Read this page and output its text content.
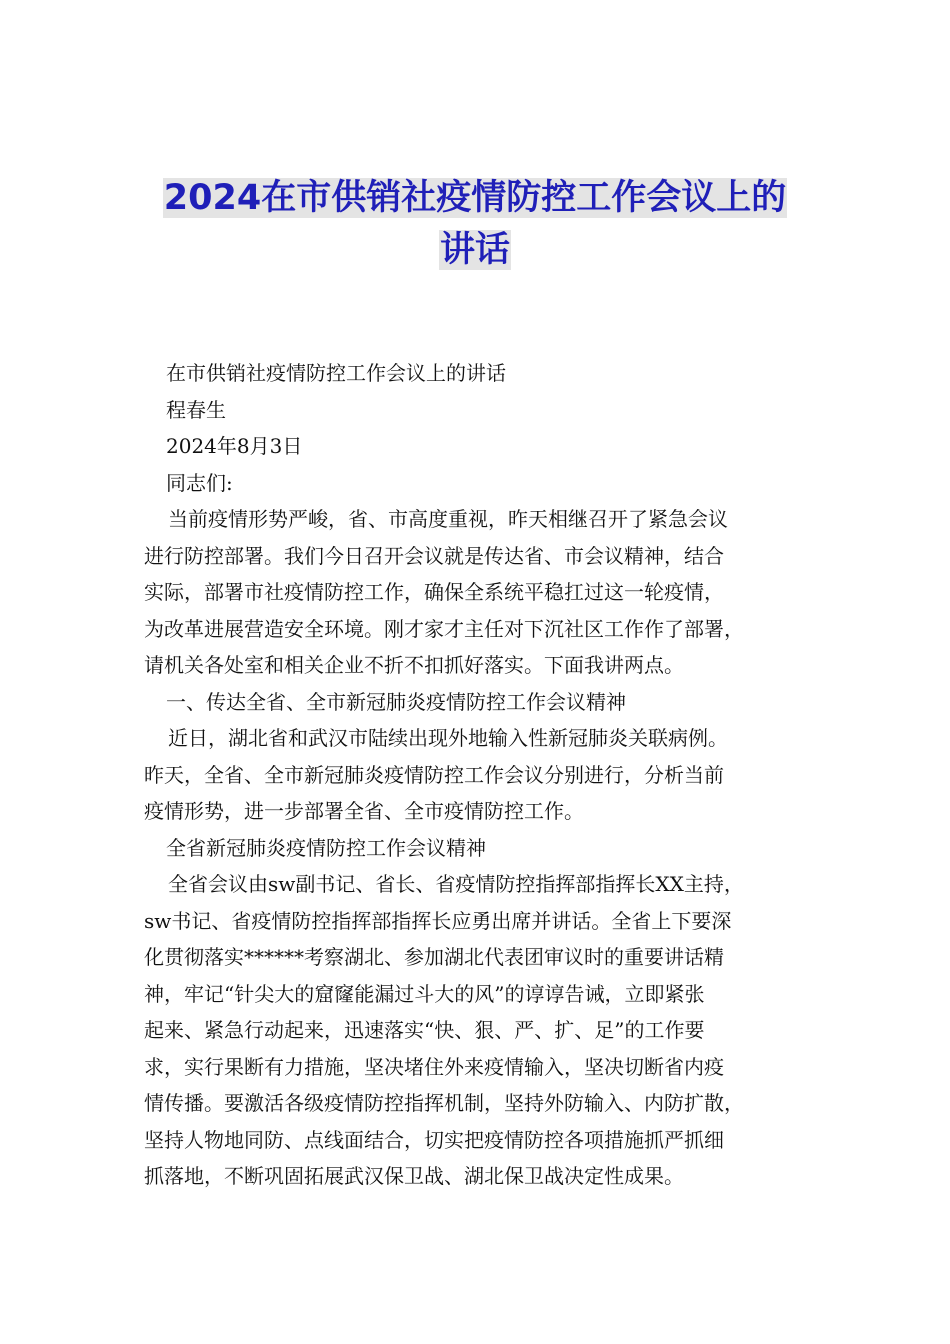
2024在市供销社疫情防控工作会议上的
讲话
在市供销社疫情防控工作会议上的讲话
程春生
2024年8月3日
同志们:
当前疫情形势严峻，省、市高度重视，昨天相继召开了紧急会议
进行防控部署。我们今日召开会议就是传达省、市会议精神，结合
实际，部署市社疫情防控工作，确保全系统平稳扛过这一轮疫情，
为改革进展营造安全环境。刚才家才主任对下沉社区工作作了部署，
请机关各处室和相关企业不折不扣抓好落实。下面我讲两点。
一、传达全省、全市新冠肺炎疫情防控工作会议精神
近日，湖北省和武汉市陆续出现外地输入性新冠肺炎关联病例。
昨天，全省、全市新冠肺炎疫情防控工作会议分别进行，分析当前
疫情形势，进一步部署全省、全市疫情防控工作。
全省新冠肺炎疫情防控工作会议精神
全省会议由sw副书记、省长、省疫情防控指挥部指挥长XX主持，
sw书记、省疫情防控指挥部指挥长应勇出席并讲话。全省上下要深
化贯彻落实******考察湖北、参加湖北代表团审议时的重要讲话精
神，牢记“针尖大的窟窿能漏过斗大的风”的谆谆告诫，立即紧张
起来、紧急行动起来，迅速落实“快、狠、严、扩、足”的工作要
求，实行果断有力措施，坚决堵住外来疫情输入，坚决切断省内疫
情传播。要激活各级疫情防控指挥机制，坚持外防输入、内防扩散，
坚持人物地同防、点线面结合，切实把疫情防控各项措施抓严抓细
抓落地，不断巩固拓展武汉保卫战、湖北保卫战决定性成果。
